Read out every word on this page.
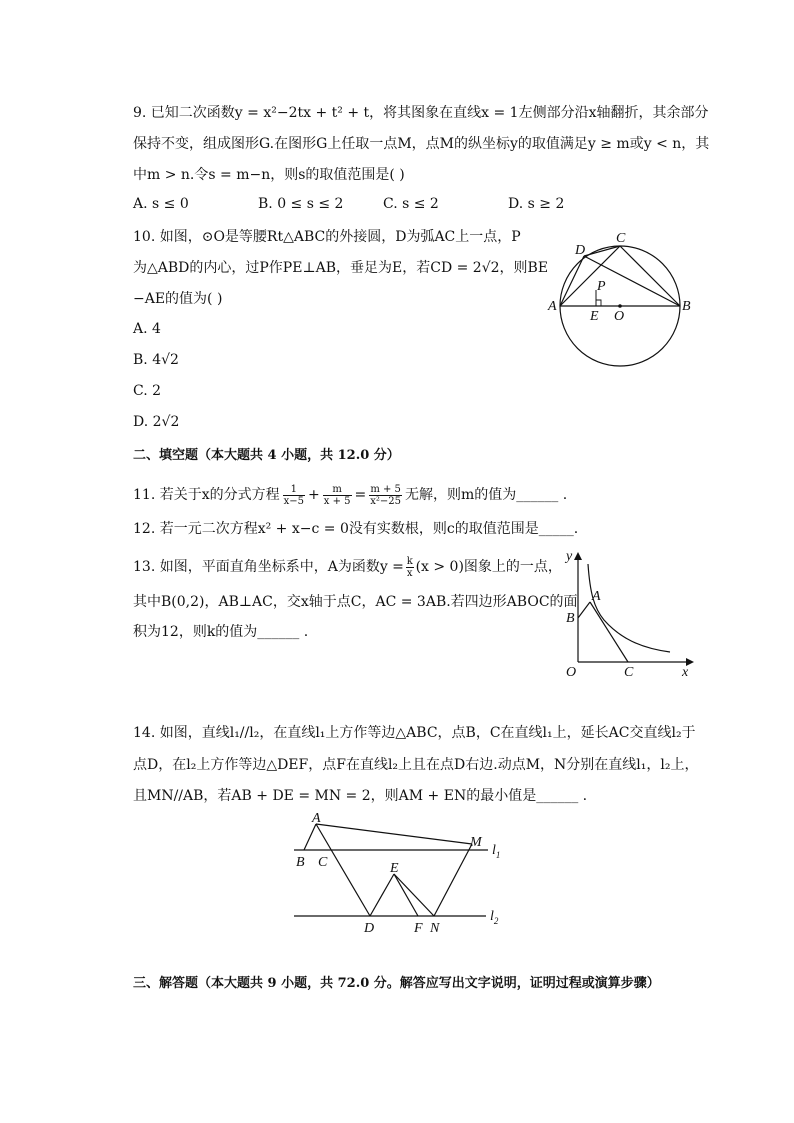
9. 已知二次函数y = x²−2tx + t² + t，将其图象在直线x = 1左侧部分沿x轴翻折，其余部分
保持不变，组成图形G.在图形G上任取一点M，点M的纵坐标y的取值满足y ≥ m或y < n，其
中m > n.令s = m−n，则s的取值范围是( )
A. s ≤ 0	B. 0 ≤ s ≤ 2	C. s ≤ 2	D. s ≥ 2
10. 如图，⊙O是等腰Rt△ABC的外接圆，D为弧AC上一点，P
为△ABD的内心，过P作PE⊥AB，垂足为E，若CD = 2√2，则BE
−AE的值为( )
A. 4
B. 4√2
C. 2
D. 2√2
A	B
C
D
E O
P
二、填空题（本大题共 4 小题，共 12.0 分）
11. 若关于x的分式方程 $\frac{1}{x-5} + \frac{m}{x + 5} = \frac{m + 5}{\text{x²−25}}$ 无解，则m的值为______ .
12. 若一元二次方程x² + x−c = 0没有实数根，则c的取值范围是_____.
13. 如图，平面直角坐标系中，A为函数$y = \frac{k}{x} (x > 0)$图象上的一点，
其中B(0,2)，AB⊥AC，交x轴于点C，AC = 3AB.若四边形ABOC的面
积为12，则k的值为______ .
y
x
A
B
C
O
14. 如图，直线l₁//l₂，在直线l₁上方作等边△ABC，点B，C在直线l₁上，延长AC交直线l₂于
点D，在l₂上方作等边△DEF，点F在直线l₂上且在点D右边.动点M，N分别在直线l₁，l₂上，
且MN//AB，若AB + DE = MN = 2，则AM + EN的最小值是______ .
A
B C
D
E
F N
M
$l_1$
$l_2$
三、解答题（本大题共 9 小题，共 72.0 分。解答应写出文字说明，证明过程或演算步骤）
